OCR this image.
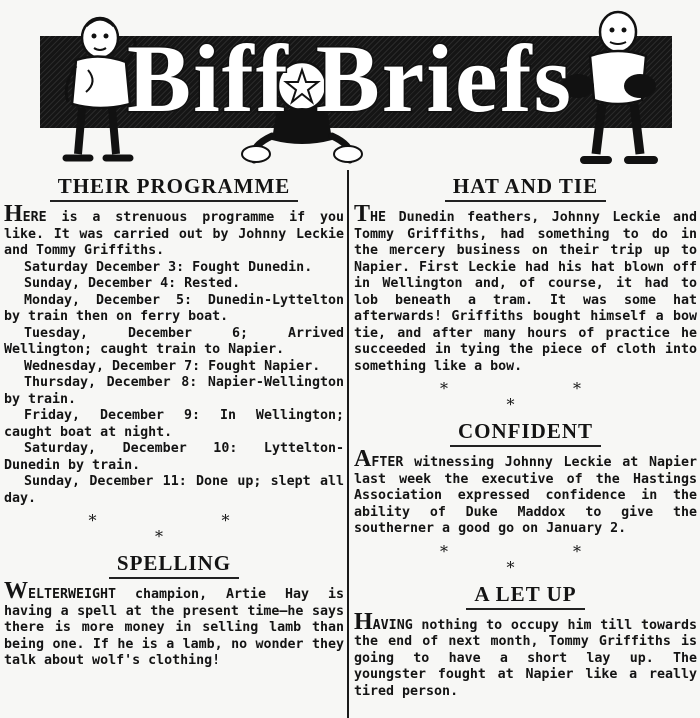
Biff Briefs
THEIR PROGRAMME

HERE is a strenuous programme if you like. It was carried out by Johnny Leckie and Tommy Griffiths.

Saturday December 3: Fought Dunedin.

Sunday, December 4: Rested.

Monday, December 5: Dunedin-Lyttelton by train then on ferry boat.

Tuesday, December 6; Arrived Wellington; caught train to Napier.

Wednesday, December 7: Fought Napier.

Thursday, December 8: Napier-Wellington by train.

Friday, December 9: In Wellington; caught boat at night.

Saturday, December 10: Lyttelton-Dunedin by train.

Sunday, December 11: Done up; slept all day.

* * *
SPELLING

WELTERWEIGHT champion, Artie Hay is having a spell at the present time—he says there is more money in selling lamb than being one. If he is a lamb, no wonder they talk about wolf's clothing!

HAT AND TIE

THE Dunedin feathers, Johnny Leckie and Tommy Griffiths, had something to do in the mercery business on their trip up to Napier. First Leckie had his hat blown off in Wellington and, of course, it had to lob beneath a tram. It was some hat afterwards! Griffiths bought himself a bow tie, and after many hours of practice he succeeded in tying the piece of cloth into something like a bow.

* * *
CONFIDENT

AFTER witnessing Johnny Leckie at Napier last week the executive of the Hastings Association expressed confidence in the ability of Duke Maddox to give the southerner a good go on January 2.

* * *
A LET UP

HAVING nothing to occupy him till towards the end of next month, Tommy Griffiths is going to have a short lay up. The youngster fought at Napier like a really tired person.
